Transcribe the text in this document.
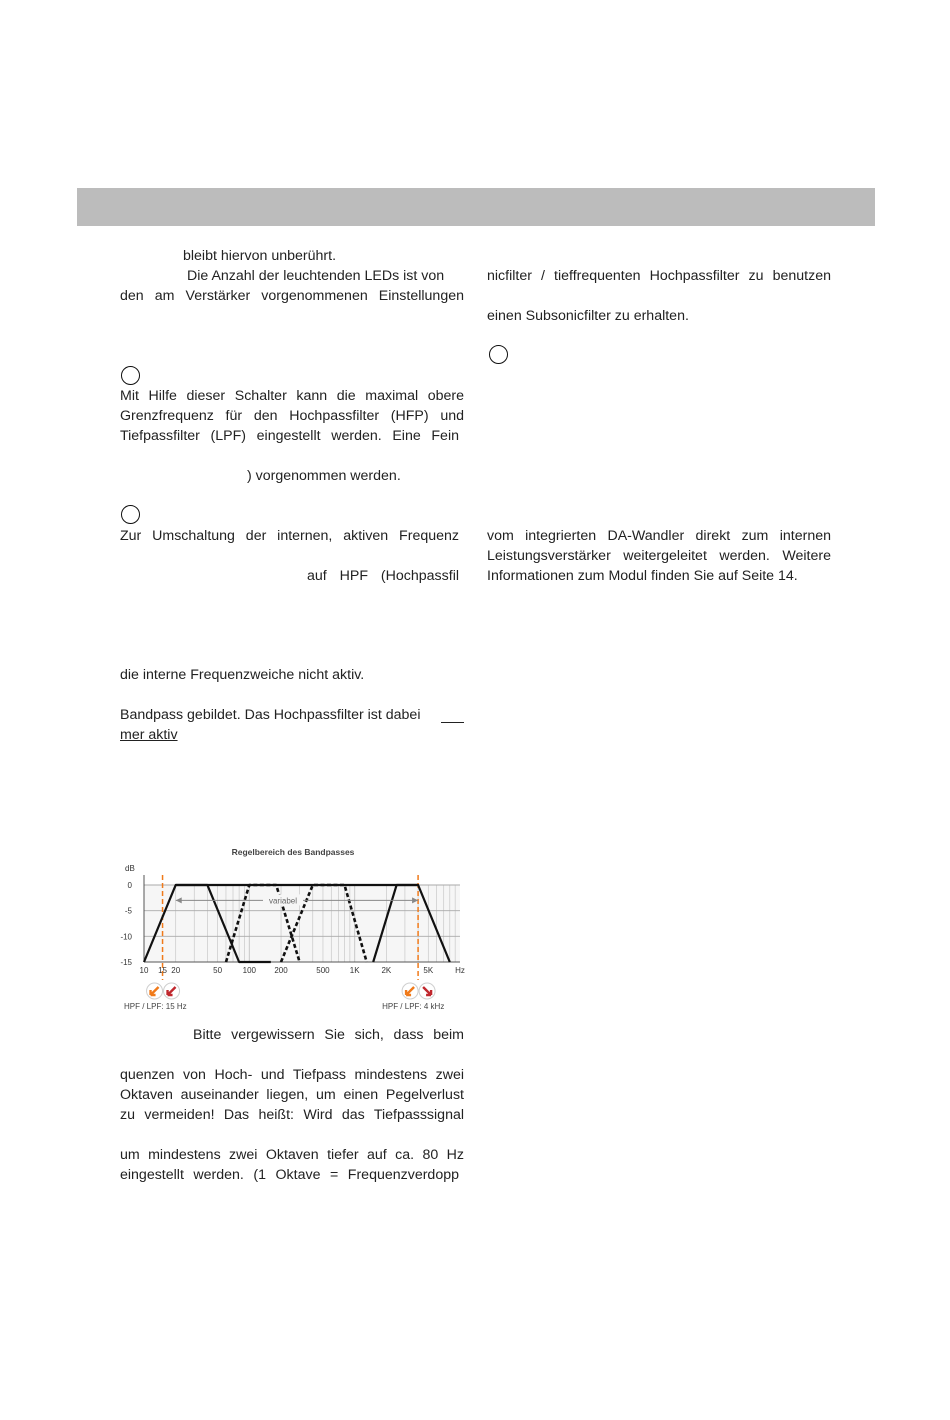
bleibt hiervon unberührt.
Die Anzahl der leuchtenden LEDs ist von
den am Verstärker vorgenommenen Einstellungen
Mit Hilfe dieser Schalter kann die maximal obere
Grenzfrequenz für den Hochpassfilter (HFP) und
Tiefpassfilter (LPF) eingestellt werden. Eine Fein
) vorgenommen werden.
Zur Umschaltung der internen, aktiven Frequenz
auf HPF (Hochpassfil
die interne Frequenzweiche nicht aktiv.
Bandpass gebildet. Das Hochpassfilter ist dabei
mer aktiv
Regelbereich des Bandpasses
dB
0
-5
-10
-15
10 15 20	50	100 200	500	1K	2K	5K	Hz
variabel
HPF / LPF: 15 Hz	HPF / LPF: 4 kHz
Bitte vergewissern Sie sich, dass beim
quenzen von Hoch- und Tiefpass mindestens zwei
Oktaven auseinander liegen, um einen Pegelverlust
zu vermeiden! Das heißt: Wird das Tiefpasssignal
um mindestens zwei Oktaven tiefer auf ca. 80 Hz
eingestellt werden. (1 Oktave = Frequenzverdopp
nicfilter / tieffrequenten Hochpassfilter zu benutzen
einen Subsonicfilter zu erhalten.
vom integrierten DA-Wandler direkt zum internen
Leistungsverstärker weitergeleitet werden. Weitere
Informationen zum Modul finden Sie auf Seite 14.
